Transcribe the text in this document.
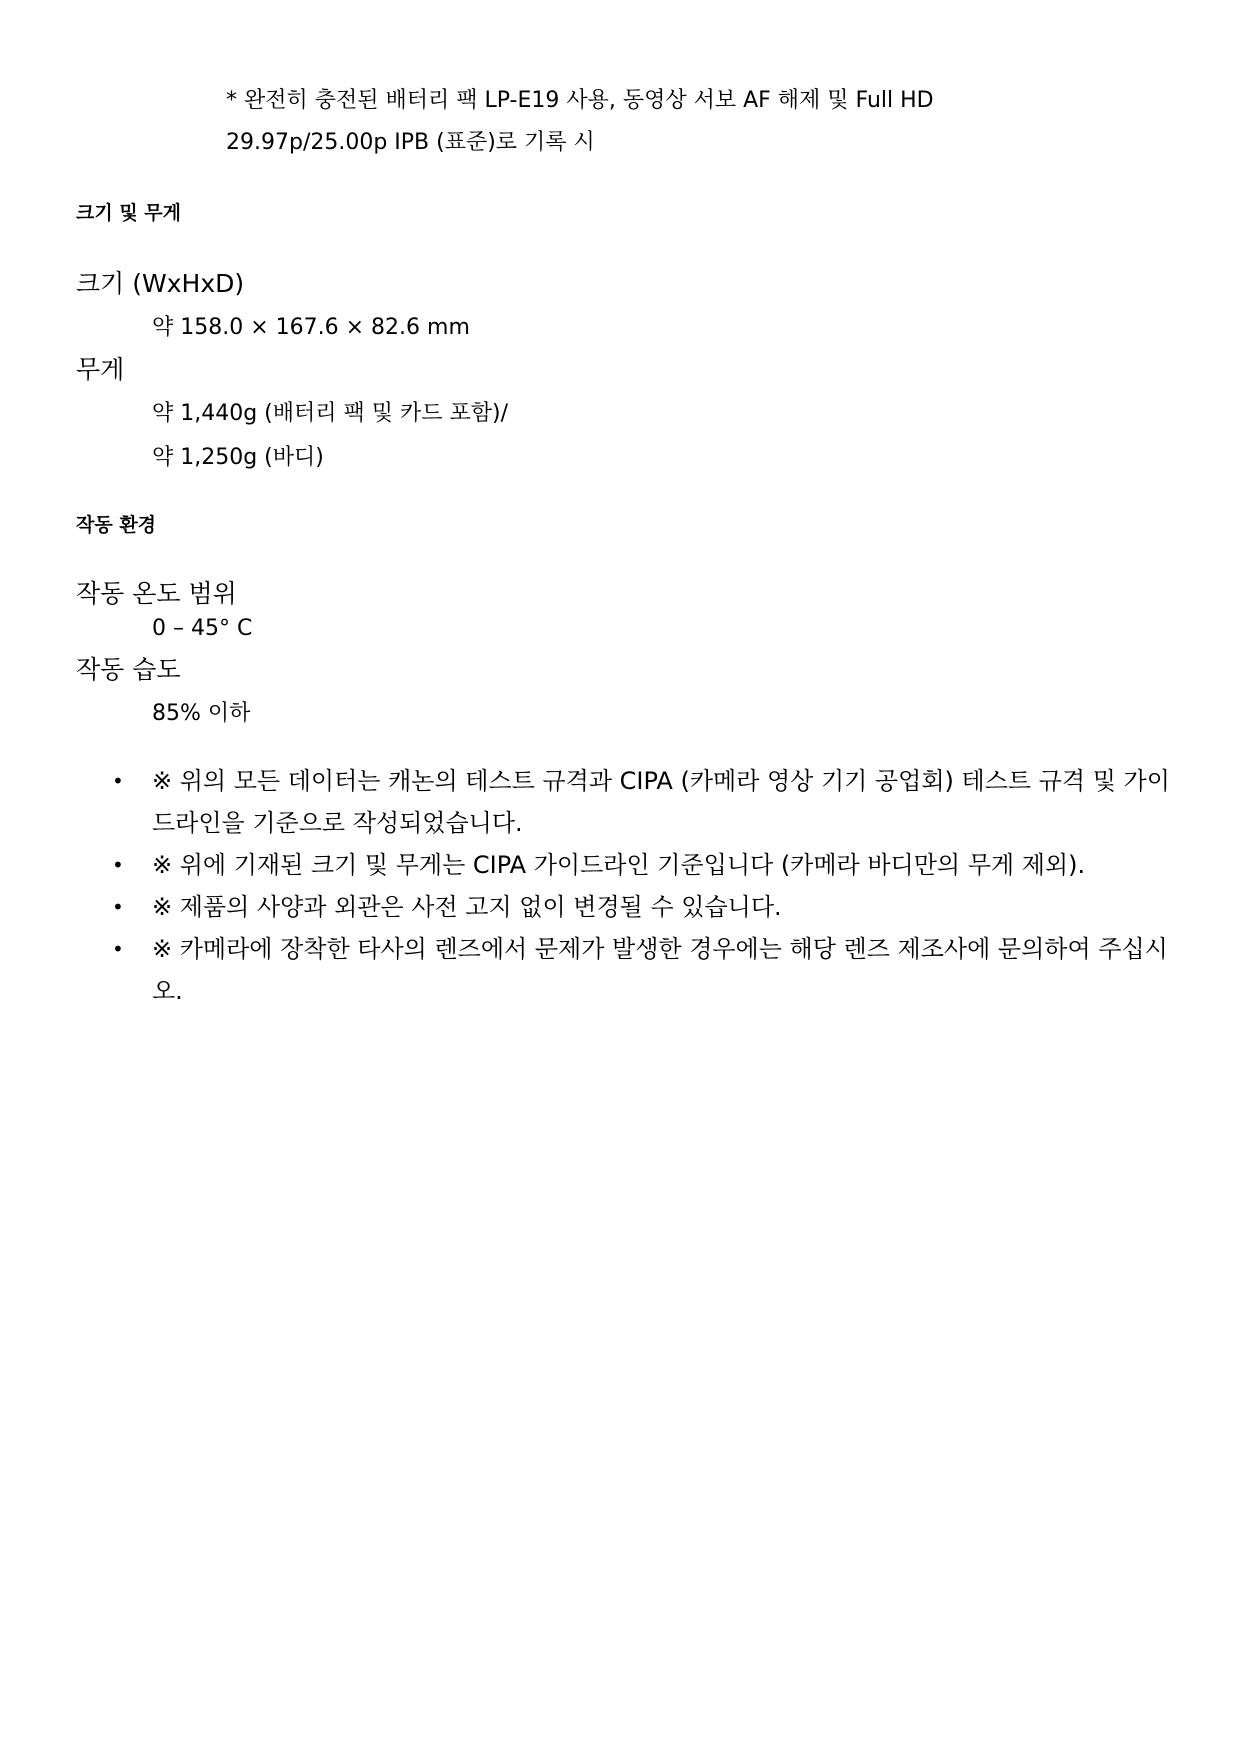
* 완전히 충전된 배터리 팩 LP-E19 사용, 동영상 서보 AF 해제 및 Full HD
29.97p/25.00p IPB (표준)로 기록 시
크기 및 무게
크기 (WxHxD)
약 158.0 × 167.6 × 82.6 mm
무게
약 1,440g (배터리 팩 및 카드 포함)/
약 1,250g (바디)
작동 환경
작동 온도 범위
0 – 45° C
작동 습도
85% 이하
• ※ 위의 모든 데이터는 캐논의 테스트 규격과 CIPA (카메라 영상 기기 공업회) 테스트 규격 및 가이드라인을 기준으로 작성되었습니다.
• ※ 위에 기재된 크기 및 무게는 CIPA 가이드라인 기준입니다 (카메라 바디만의 무게 제외).
• ※ 제품의 사양과 외관은 사전 고지 없이 변경될 수 있습니다.
• ※ 카메라에 장착한 타사의 렌즈에서 문제가 발생한 경우에는 해당 렌즈 제조사에 문의하여 주십시오.
